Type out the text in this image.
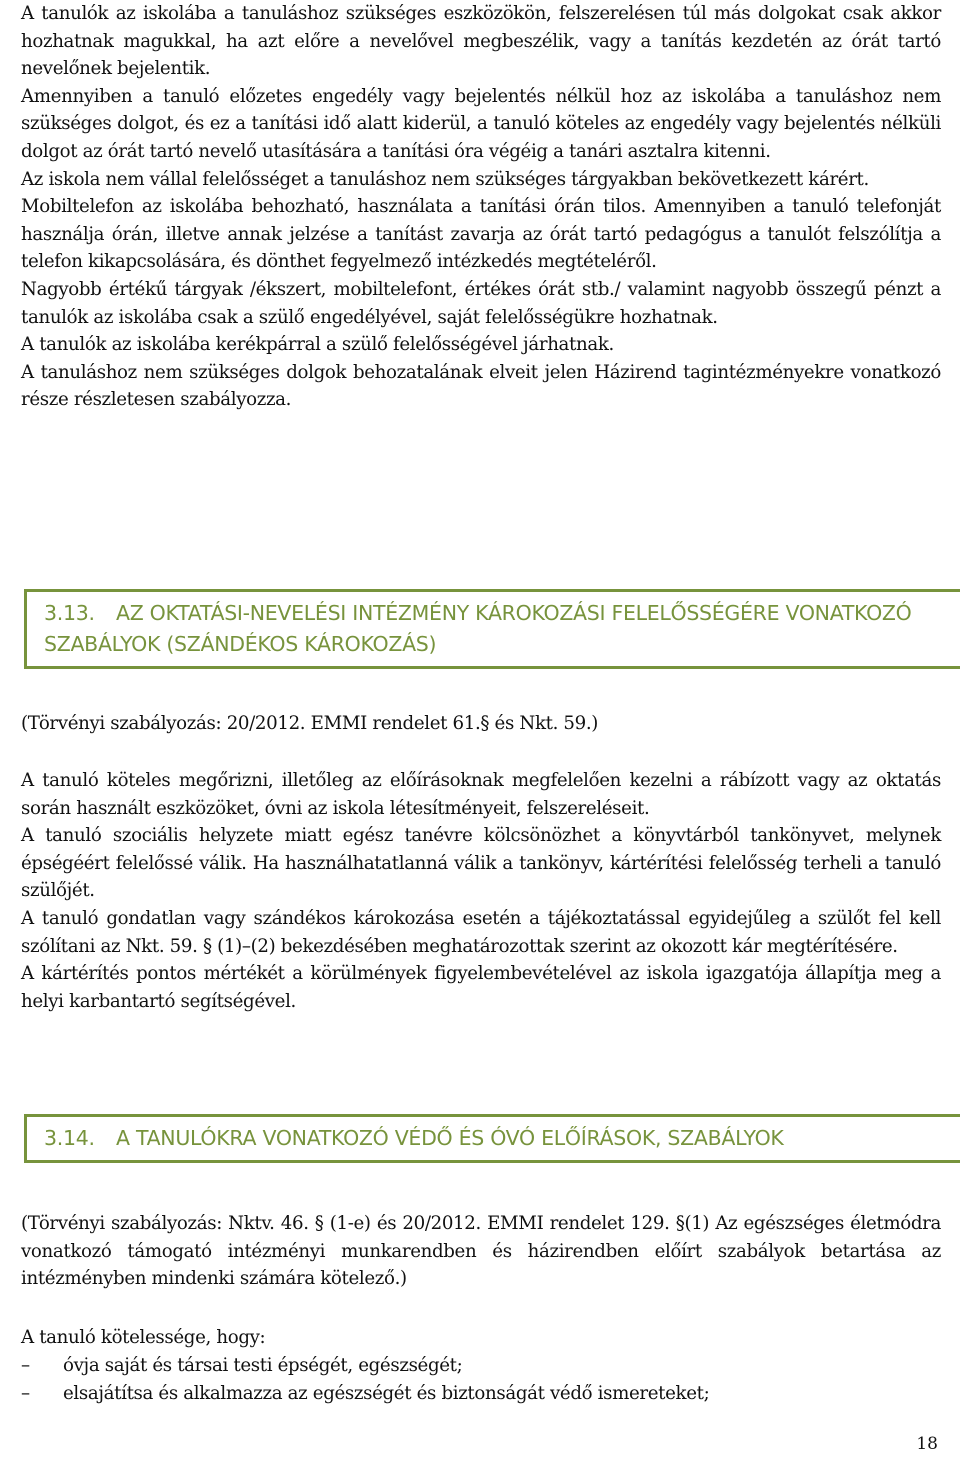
A tanulók az iskolába a tanuláshoz szükséges eszközökön, felszerelésen túl más dolgokat csak akkor hozhatnak magukkal, ha azt előre a nevelővel megbeszélik, vagy a tanítás kezdetén az órát tartó nevelőnek bejelentik.

Amennyiben a tanuló előzetes engedély vagy bejelentés nélkül hoz az iskolába a tanuláshoz nem szükséges dolgot, és ez a tanítási idő alatt kiderül, a tanuló köteles az engedély vagy bejelentés nélküli dolgot az órát tartó nevelő utasítására a tanítási óra végéig a tanári asztalra kitenni.

Az iskola nem vállal felelősséget a tanuláshoz nem szükséges tárgyakban bekövetkezett kárért.

Mobiltelefon az iskolába behozható, használata a tanítási órán tilos. Amennyiben a tanuló telefonját használja órán, illetve annak jelzése a tanítást zavarja az órát tartó pedagógus a tanulót felszólítja a telefon kikapcsolására, és dönthet fegyelmező intézkedés megtételéről.

Nagyobb értékű tárgyak /ékszert, mobiltelefont, értékes órát stb./ valamint nagyobb összegű pénzt a tanulók az iskolába csak a szülő engedélyével, saját felelősségükre hozhatnak.

A tanulók az iskolába kerékpárral a szülő felelősségével járhatnak.

A tanuláshoz nem szükséges dolgok behozatalának elveit jelen Házirend tagintézményekre vonatkozó része részletesen szabályozza.

3.13. AZ OKTATÁSI-NEVELÉSI INTÉZMÉNY KÁROKOZÁSI FELELŐSSÉGÉRE VONATKOZÓ SZABÁLYOK (SZÁNDÉKOS KÁROKOZÁS)

(Törvényi szabályozás: 20/2012. EMMI rendelet 61.§ és Nkt. 59.)

A tanuló köteles megőrizni, illetőleg az előírásoknak megfelelően kezelni a rábízott vagy az oktatás során használt eszközöket, óvni az iskola létesítményeit, felszereléseit.

A tanuló szociális helyzete miatt egész tanévre kölcsönözhet a könyvtárból tankönyvet, melynek épségéért felelőssé válik. Ha használhatatlanná válik a tankönyv, kártérítési felelősség terheli a tanuló szülőjét.

A tanuló gondatlan vagy szándékos károkozása esetén a tájékoztatással egyidejűleg a szülőt fel kell szólítani az Nkt. 59. § (1)–(2) bekezdésében meghatározottak szerint az okozott kár megtérítésére.

A kártérítés pontos mértékét a körülmények figyelembevételével az iskola igazgatója állapítja meg a helyi karbantartó segítségével.

3.14. A TANULÓKRA VONATKOZÓ VÉDŐ ÉS ÓVÓ ELŐÍRÁSOK, SZABÁLYOK

(Törvényi szabályozás: Nktv. 46. § (1-e) és 20/2012. EMMI rendelet 129. §(1) Az egészséges életmódra vonatkozó támogató intézményi munkarendben és házirendben előírt szabályok betartása az intézményben mindenki számára kötelező.)

A tanuló kötelessége, hogy:

– óvja saját és társai testi épségét, egészségét;
– elsajátítsa és alkalmazza az egészségét és biztonságát védő ismereteket;
18
